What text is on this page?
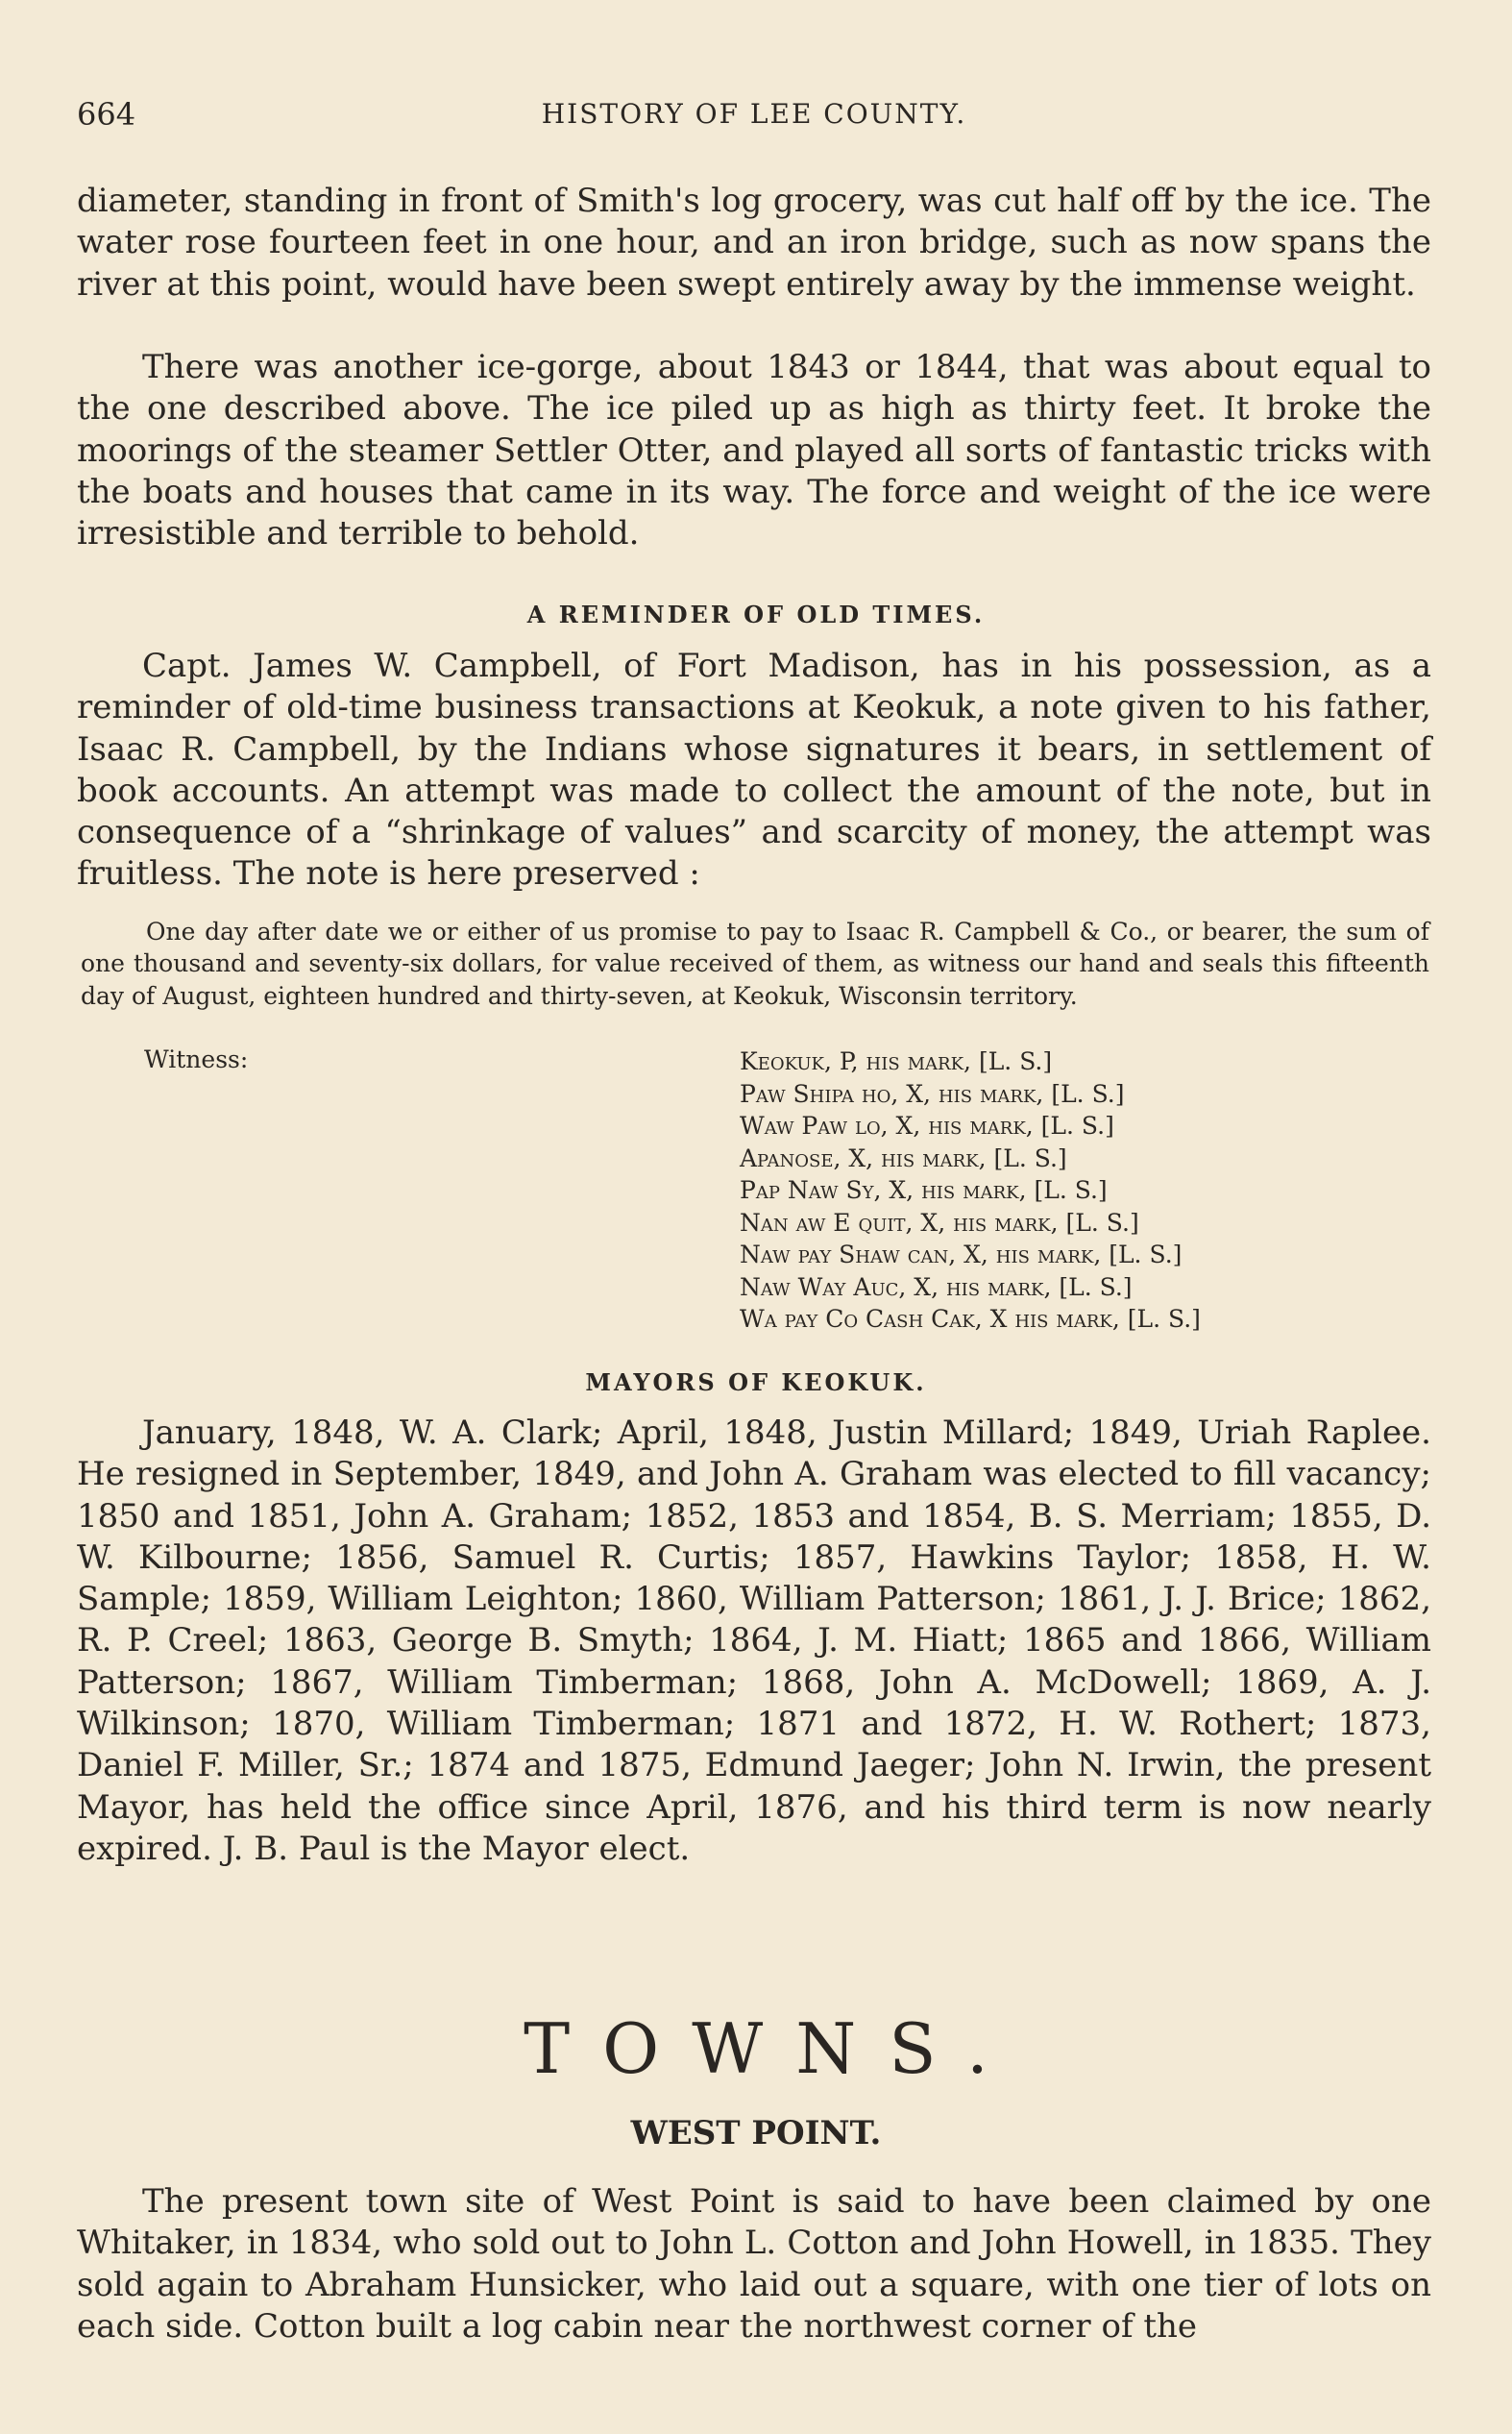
664	HISTORY OF LEE COUNTY.

diameter, standing in front of Smith's log grocery, was cut half off by the ice. The water rose fourteen feet in one hour, and an iron bridge, such as now spans the river at this point, would have been swept entirely away by the immense weight.

There was another ice-gorge, about 1843 or 1844, that was about equal to the one described above. The ice piled up as high as thirty feet. It broke the moorings of the steamer Settler Otter, and played all sorts of fantastic tricks with the boats and houses that came in its way. The force and weight of the ice were irresistible and terrible to behold.

A REMINDER OF OLD TIMES.

Capt. James W. Campbell, of Fort Madison, has in his possession, as a reminder of old-time business transactions at Keokuk, a note given to his father, Isaac R. Campbell, by the Indians whose signatures it bears, in settlement of book accounts. An attempt was made to collect the amount of the note, but in consequence of a “shrinkage of values” and scarcity of money, the attempt was fruitless. The note is here preserved :

One day after date we or either of us promise to pay to Isaac R. Campbell & Co., or bearer, the sum of one thousand and seventy-six dollars, for value received of them, as witness our hand and seals this fifteenth day of August, eighteen hundred and thirty-seven, at Keokuk, Wisconsin territory.

Witness:	Keokuk, P, his mark, [L. S.]
Paw Shipa ho, X, his mark, [L. S.]
Waw Paw lo, X, his mark, [L. S.]
Apanose, X, his mark, [L. S.]
Pap Naw Sy, X, his mark, [L. S.]
Nan aw E quit, X, his mark, [L. S.]
Naw pay Shaw can, X, his mark, [L. S.]
Naw Way Auc, X, his mark, [L. S.]
Wa pay Co Cash Cak, X his mark, [L. S.]
MAYORS OF KEOKUK.

January, 1848, W. A. Clark; April, 1848, Justin Millard; 1849, Uriah Raplee. He resigned in September, 1849, and John A. Graham was elected to fill vacancy; 1850 and 1851, John A. Graham; 1852, 1853 and 1854, B. S. Merriam; 1855, D. W. Kilbourne; 1856, Samuel R. Curtis; 1857, Hawkins Taylor; 1858, H. W. Sample; 1859, William Leighton; 1860, William Patterson; 1861, J. J. Brice; 1862, R. P. Creel; 1863, George B. Smyth; 1864, J. M. Hiatt; 1865 and 1866, William Patterson; 1867, William Timberman; 1868, John A. McDowell; 1869, A. J. Wilkinson; 1870, William Timberman; 1871 and 1872, H. W. Rothert; 1873, Daniel F. Miller, Sr.; 1874 and 1875, Edmund Jaeger; John N. Irwin, the present Mayor, has held the office since April, 1876, and his third term is now nearly expired. J. B. Paul is the Mayor elect.

TOWNS.
WEST POINT.

The present town site of West Point is said to have been claimed by one Whitaker, in 1834, who sold out to John L. Cotton and John Howell, in 1835. They sold again to Abraham Hunsicker, who laid out a square, with one tier of lots on each side. Cotton built a log cabin near the northwest corner of the
